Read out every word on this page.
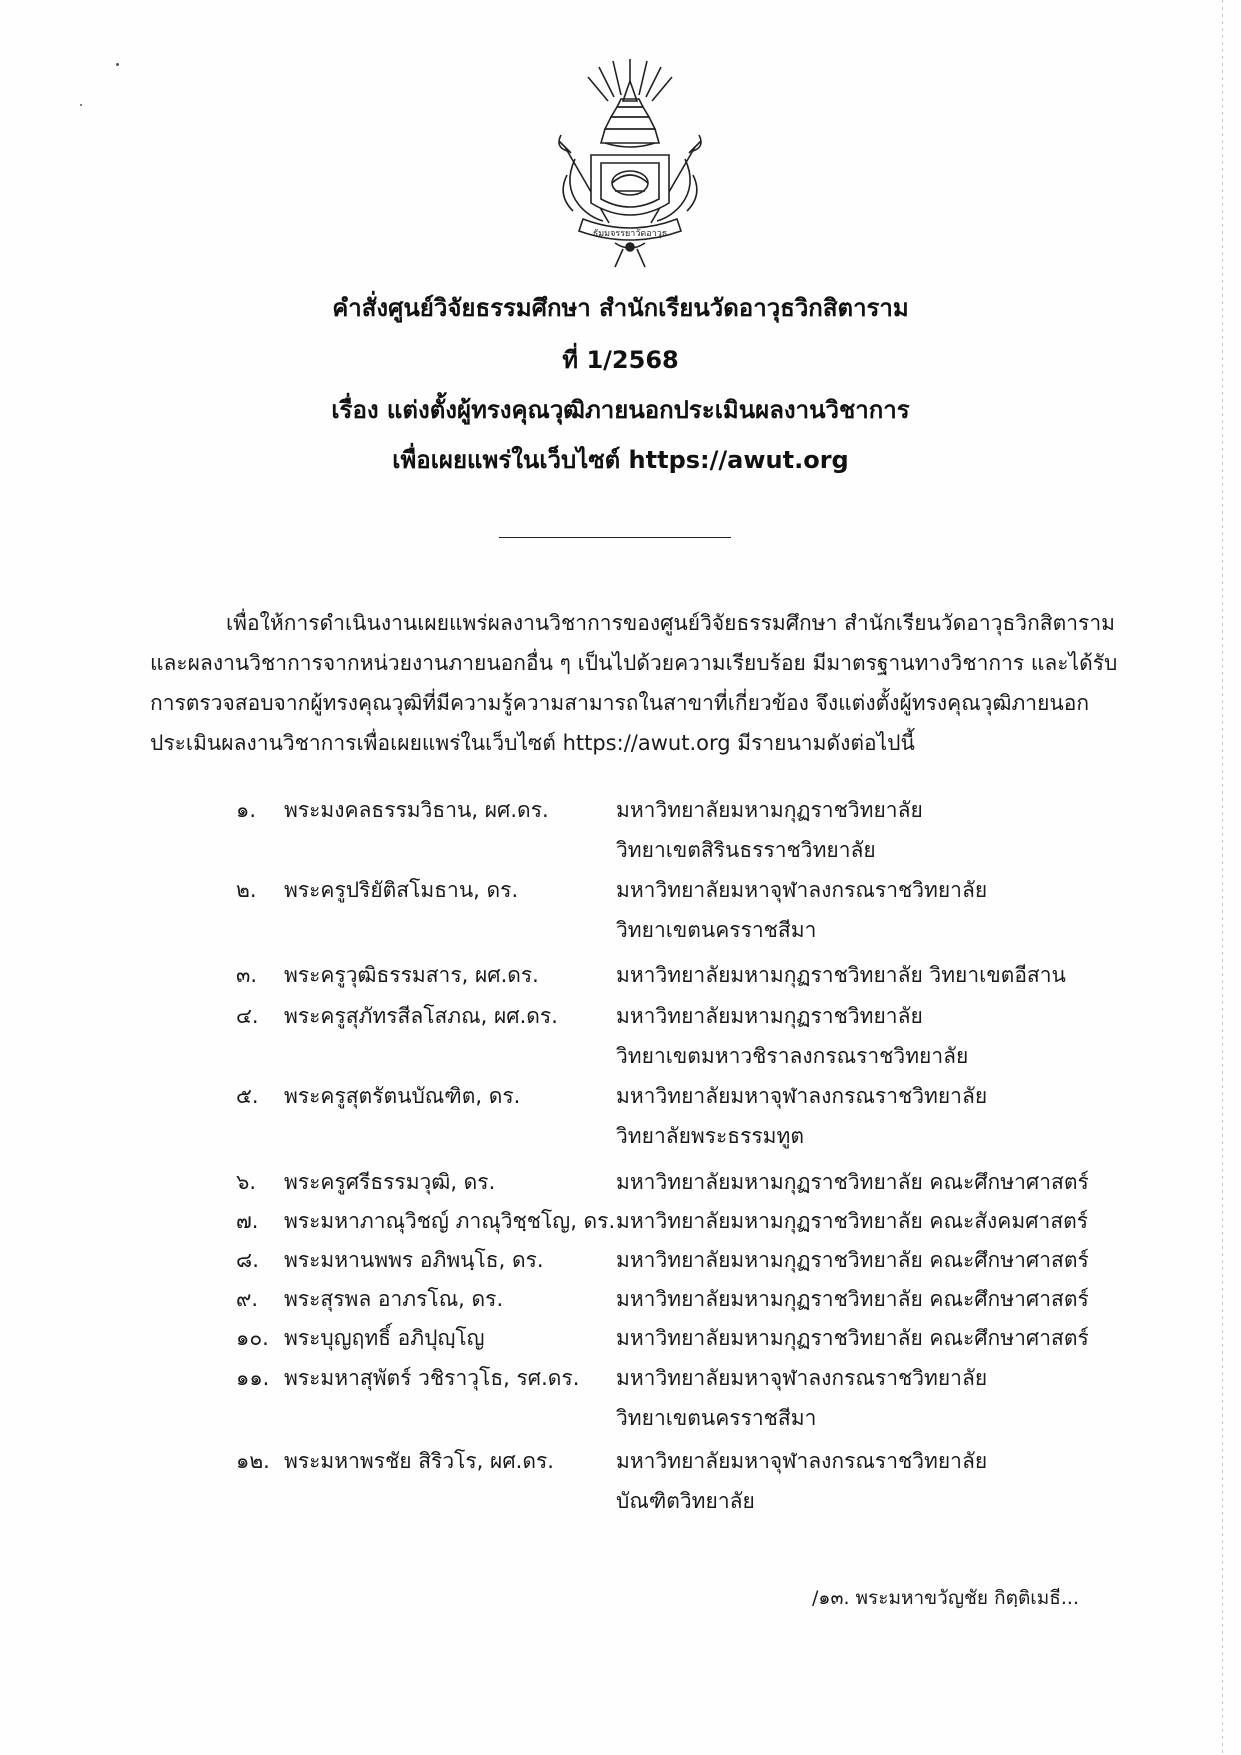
ธัมมจรรยาวัดอาวุธ
คำสั่งศูนย์วิจัยธรรมศึกษา สำนักเรียนวัดอาวุธวิกสิตาราม
ที่ 1/2568
เรื่อง แต่งตั้งผู้ทรงคุณวุฒิภายนอกประเมินผลงานวิชาการ
เพื่อเผยแพร่ในเว็บไซต์ https://awut.org
เพื่อให้การดำเนินงานเผยแพร่ผลงานวิชาการของศูนย์วิจัยธรรมศึกษา สำนักเรียนวัดอาวุธวิกสิตาราม
และผลงานวิชาการจากหน่วยงานภายนอกอื่น ๆ เป็นไปด้วยความเรียบร้อย มีมาตรฐานทางวิชาการ และได้รับ
การตรวจสอบจากผู้ทรงคุณวุฒิที่มีความรู้ความสามารถในสาขาที่เกี่ยวข้อง จึงแต่งตั้งผู้ทรงคุณวุฒิภายนอก
ประเมินผลงานวิชาการเพื่อเผยแพร่ในเว็บไซต์ https://awut.org มีรายนามดังต่อไปนี้
๑. พระมงคลธรรมวิธาน, ผศ.ดร.	มหาวิทยาลัยมหามกุฏราชวิทยาลัย
วิทยาเขตสิรินธรราชวิทยาลัย
๒. พระครูปริยัติสโมธาน, ดร.	มหาวิทยาลัยมหาจุฬาลงกรณราชวิทยาลัย
วิทยาเขตนครราชสีมา
๓. พระครูวุฒิธรรมสาร, ผศ.ดร.	มหาวิทยาลัยมหามกุฏราชวิทยาลัย วิทยาเขตอีสาน
๔. พระครูสุภัทรสีลโสภณ, ผศ.ดร.	มหาวิทยาลัยมหามกุฏราชวิทยาลัย
วิทยาเขตมหาวชิราลงกรณราชวิทยาลัย
๕. พระครูสุตรัตนบัณฑิต, ดร.	มหาวิทยาลัยมหาจุฬาลงกรณราชวิทยาลัย
วิทยาลัยพระธรรมทูต
๖. พระครูศรีธรรมวุฒิ, ดร.	มหาวิทยาลัยมหามกุฏราชวิทยาลัย คณะศึกษาศาสตร์
๗. พระมหาภาณุวิชญ์ ภาณุวิชฺชโญ, ดร. มหาวิทยาลัยมหามกุฏราชวิทยาลัย คณะสังคมศาสตร์
๘. พระมหานพพร อภิพนฺโธ, ดร.	มหาวิทยาลัยมหามกุฏราชวิทยาลัย คณะศึกษาศาสตร์
๙. พระสุรพล อาภรโณ, ดร.	มหาวิทยาลัยมหามกุฏราชวิทยาลัย คณะศึกษาศาสตร์
๑๐. พระบุญฤทธิ์ อภิปุญฺโญ	มหาวิทยาลัยมหามกุฏราชวิทยาลัย คณะศึกษาศาสตร์
๑๑. พระมหาสุพัตร์ วชิราวุโธ, รศ.ดร. มหาวิทยาลัยมหาจุฬาลงกรณราชวิทยาลัย
วิทยาเขตนครราชสีมา
๑๒. พระมหาพรชัย สิริวโร, ผศ.ดร.	มหาวิทยาลัยมหาจุฬาลงกรณราชวิทยาลัย
บัณฑิตวิทยาลัย
/๑๓. พระมหาขวัญชัย กิตฺติเมธี...
